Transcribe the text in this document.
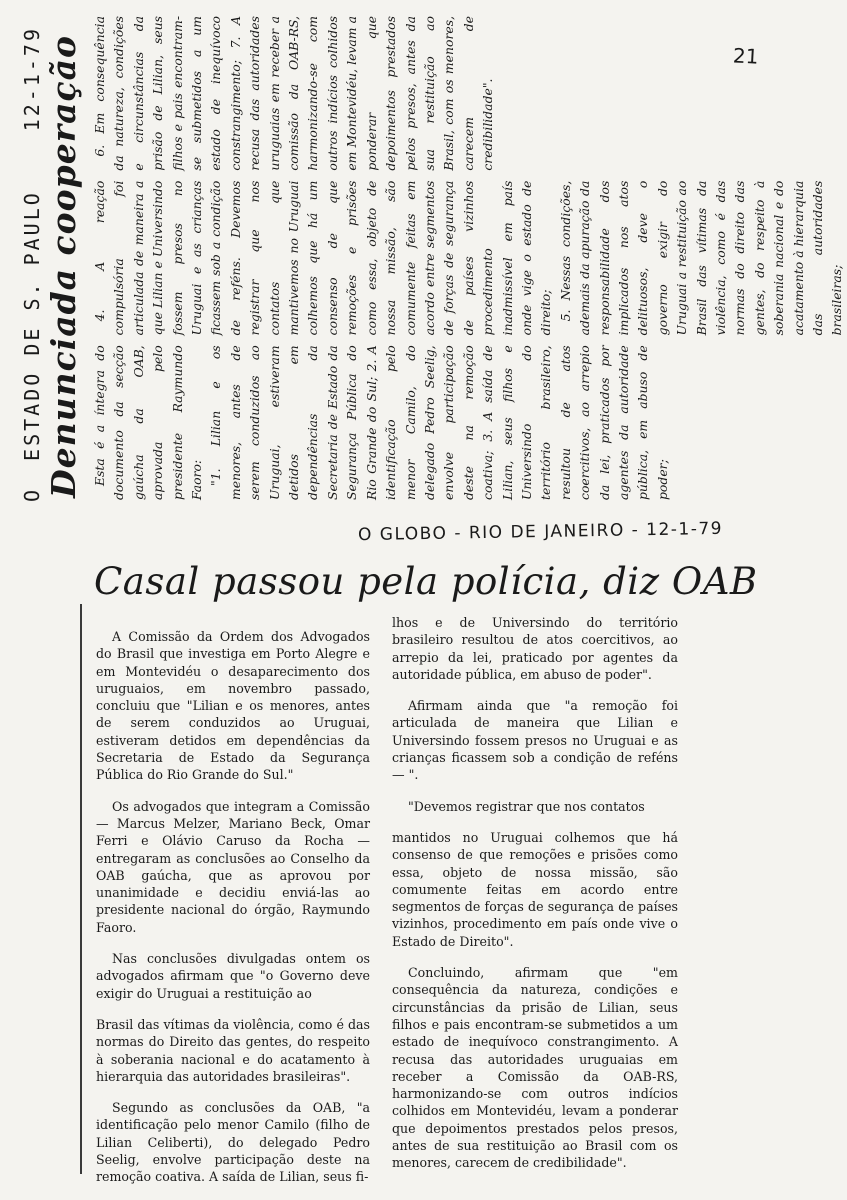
21
O
ESTADO DE S. PAULO
12-1-79 Denunciada cooperação Esta é a íntegra do documento da secção gaúcha da OAB, aprovada pelo presidente Raymundo Faoro: "1. Lilian e os menores, antes de serem conduzidos ao Uruguai, estiveram detidos em dependências da Secretaria de Estado da Segurança Pública do Rio Grande do Sul; 2. A identificação pelo menor Camilo, do delegado Pedro Seelig, envolve participação deste na remoção coativa; 3. A saída de Lilian, seus filhos e Universindo do território brasileiro, resultou de atos coercitivos, ao arrepio da lei, praticados por agentes da autoridade pública, em abuso de poder;

4. A reação compulsória foi articulada de maneira a que Lilian e Universindo fossem presos no Uruguai e as crianças ficassem sob a condição de reféns. Devemos registrar que nos contatos que mantivemos no Uruguai colhemos que há um consenso de que remoções e prisões como essa, objeto de nossa missão, são comumente feitas em acordo entre segmentos de forças de segurança de países vizinhos procedimento inadmissível em país onde vige o estado de direito; 5. Nessas condições, ademais da apuração da responsabilidade dos implicados nos atos delituosos, deve o governo exigir do Uruguai a restituição ao Brasil das vítimas da violência, como é das normas do direito das gentes, do respeito à soberania nacional e do acatamento à hierarquia das autoridades brasileiras;

6. Em consequência da natureza, condições e circunstâncias da prisão de Lilian, seus filhos e pais encontram-se submetidos a um estado de inequívoco constrangimento; 7. A recusa das autoridades uruguaias em receber a comissão da OAB-RS, harmonizando-se com outros indícios colhidos em Montevidéu, levam a ponderar que depoimentos prestados pelos presos, antes da sua restituição ao Brasil, com os menores, carecem de credibilidade".

O GLOBO - RIO DE JANEIRO - 12-1-79
Casal passou pela polícia, diz OAB

A Comissão da Ordem dos Advogados do Brasil que investiga em Porto Alegre e em Montevidéu o desaparecimento dos uruguaios, em novembro passado, concluiu que "Lilian e os menores, antes de serem conduzidos ao Uruguai, estiveram detidos em dependências da Secretaria de Estado da Segurança Pública do Rio Grande do Sul."

Os advogados que integram a Comissão — Marcus Melzer, Mariano Beck, Omar Ferri e Olávio Caruso da Rocha — entregaram as conclusões ao Conselho da OAB gaúcha, que as aprovou por unanimidade e decidiu enviá-las ao presidente nacional do órgão, Raymundo Faoro.

Nas conclusões divulgadas ontem os advogados afirmam que "o Governo deve exigir do Uruguai a restituição ao

Brasil das vítimas da violência, como é das normas do Direito das gentes, do respeito à soberania nacional e do acatamento à hierarquia das autoridades brasileiras".

Segundo as conclusões da OAB, "a identificação pelo menor Camilo (filho de Lilian Celiberti), do delegado Pedro Seelig, envolve participação deste na remoção coativa. A saída de Lilian, seus fi-

lhos e de Universindo do território brasileiro resultou de atos coercitivos, ao arrepio da lei, praticado por agentes da autoridade pública, em abuso de poder".

Afirmam ainda que "a remoção foi articulada de maneira que Lilian e Universindo fossem presos no Uruguai e as crianças ficassem sob a condição de reféns — ".

"Devemos registrar que nos contatos

mantidos no Uruguai colhemos que há consenso de que remoções e prisões como essa, objeto de nossa missão, são comumente feitas em acordo entre segmentos de forças de segurança de países vizinhos, procedimento em país onde vive o Estado de Direito".

Concluindo, afirmam que "em consequência da natureza, condições e circunstâncias da prisão de Lilian, seus filhos e pais encontram-se submetidos a um estado de inequívoco constrangimento. A recusa das autoridades uruguaias em receber a Comissão da OAB-RS, harmonizando-se com outros indícios colhidos em Montevidéu, levam a ponderar que depoimentos prestados pelos presos, antes de sua restituição ao Brasil com os menores, carecem de credibilidade".
